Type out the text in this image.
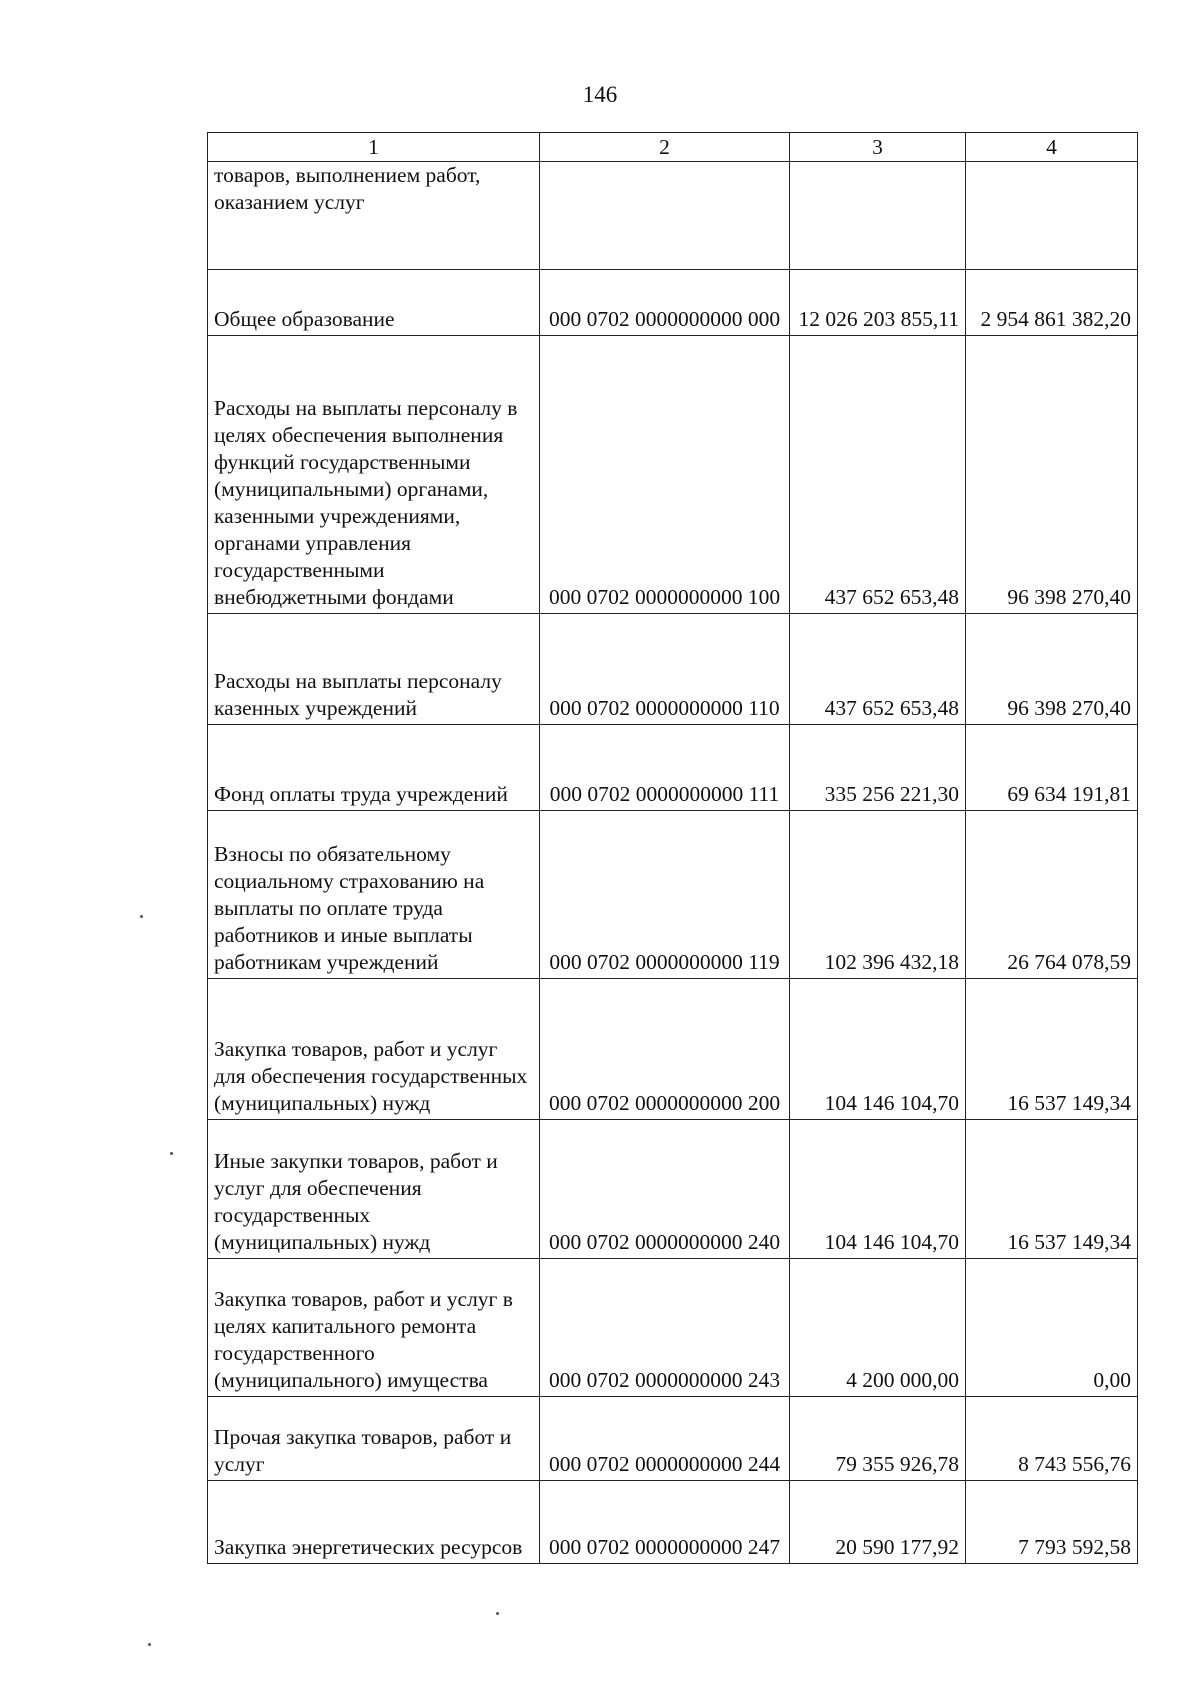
146
1	2	3	4
товаров, выполнением работ, оказанием услуг			
Общее образование	000 0702 0000000000 000	12 026 203 855,11	2 954 861 382,20
Расходы на выплаты персоналу в целях обеспечения выполнения функций государственными (муниципальными) органами, казенными учреждениями, органами управления государственными внебюджетными фондами	000 0702 0000000000 100	437 652 653,48	96 398 270,40
Расходы на выплаты персоналу казенных учреждений	000 0702 0000000000 110	437 652 653,48	96 398 270,40
Фонд оплаты труда учреждений	000 0702 0000000000 111	335 256 221,30	69 634 191,81
Взносы по обязательному социальному страхованию на выплаты по оплате труда работников и иные выплаты работникам учреждений	000 0702 0000000000 119	102 396 432,18	26 764 078,59
Закупка товаров, работ и услуг для обеспечения государственных (муниципальных) нужд	000 0702 0000000000 200	104 146 104,70	16 537 149,34
Иные закупки товаров, работ и услуг для обеспечения государственных (муниципальных) нужд	000 0702 0000000000 240	104 146 104,70	16 537 149,34
Закупка товаров, работ и услуг в целях капитального ремонта государственного (муниципального) имущества	000 0702 0000000000 243	4 200 000,00	0,00
Прочая закупка товаров, работ и услуг	000 0702 0000000000 244	79 355 926,78	8 743 556,76
Закупка энергетических ресурсов	000 0702 0000000000 247	20 590 177,92	7 793 592,58
